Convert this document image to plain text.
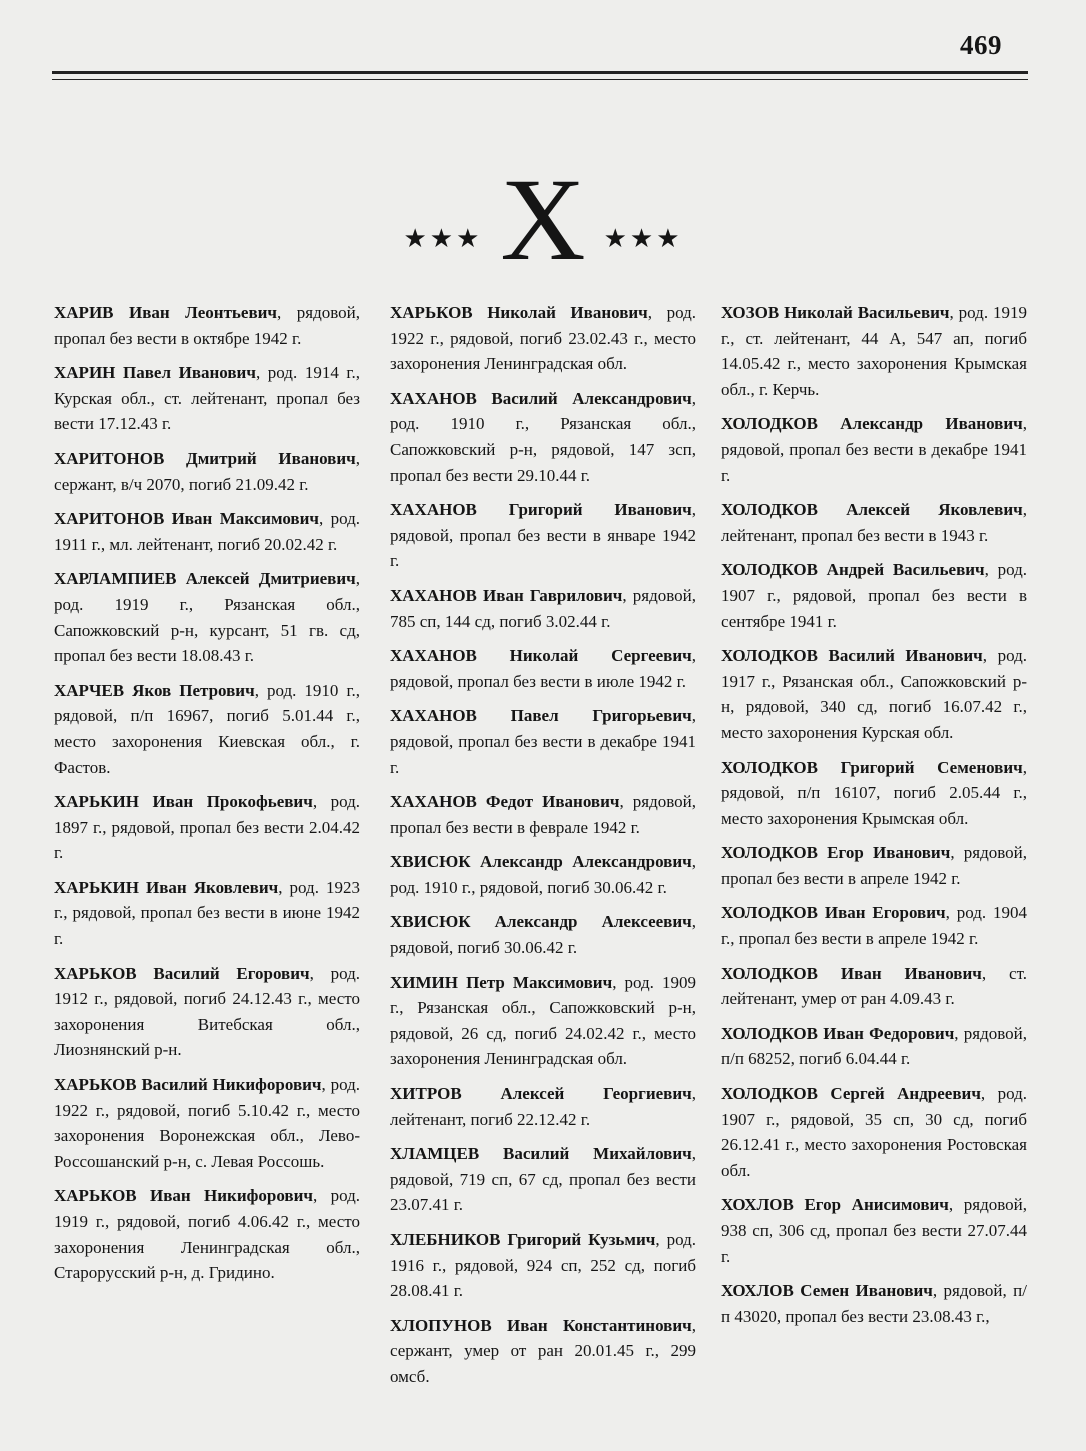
469
★★★ Х ★★★

ХАРИВ Иван Леонтьевич, рядовой, пропал без вести в октябре 1942 г.

ХАРИН Павел Иванович, род. 1914 г., Курская обл., ст. лейтенант, пропал без вести 17.12.43 г.

ХАРИТОНОВ Дмитрий Иванович, сержант, в/ч 2070, погиб 21.09.42 г.

ХАРИТОНОВ Иван Максимович, род. 1911 г., мл. лейтенант, погиб 20.02.42 г.

ХАРЛАМПИЕВ Алексей Дмитриевич, род. 1919 г., Рязанская обл., Сапожковский р-н, курсант, 51 гв. сд, пропал без вести 18.08.43 г.

ХАРЧЕВ Яков Петрович, род. 1910 г., рядовой, п/п 16967, погиб 5.01.44 г., место захоронения Киевская обл., г. Фастов.

ХАРЬКИН Иван Прокофьевич, род. 1897 г., рядовой, пропал без вести 2.04.42 г.

ХАРЬКИН Иван Яковлевич, род. 1923 г., рядовой, пропал без вести в июне 1942 г.

ХАРЬКОВ Василий Егорович, род. 1912 г., рядовой, погиб 24.12.43 г., место захоронения Витебская обл., Лиознянский р-н.

ХАРЬКОВ Василий Никифорович, род. 1922 г., рядовой, погиб 5.10.42 г., место захоронения Воронежская обл., Лево-Россошанский р-н, с. Левая Россошь.

ХАРЬКОВ Иван Никифорович, род. 1919 г., рядовой, погиб 4.06.42 г., место захоронения Ленинградская обл., Старорусский р-н, д. Гридино.

ХАРЬКОВ Николай Иванович, род. 1922 г., рядовой, погиб 23.02.43 г., место захоронения Ленинградская обл.

ХАХАНОВ Василий Александрович, род. 1910 г., Рязанская обл., Сапожковский р-н, рядовой, 147 зсп, пропал без вести 29.10.44 г.

ХАХАНОВ Григорий Иванович, рядовой, пропал без вести в январе 1942 г.

ХАХАНОВ Иван Гаврилович, рядовой, 785 сп, 144 сд, погиб 3.02.44 г.

ХАХАНОВ Николай Сергеевич, рядовой, пропал без вести в июле 1942 г.

ХАХАНОВ Павел Григорьевич, рядовой, пропал без вести в декабре 1941 г.

ХАХАНОВ Федот Иванович, рядовой, пропал без вести в феврале 1942 г.

ХВИСЮК Александр Александрович, род. 1910 г., рядовой, погиб 30.06.42 г.

ХВИСЮК Александр Алексеевич, рядовой, погиб 30.06.42 г.

ХИМИН Петр Максимович, род. 1909 г., Рязанская обл., Сапожковский р-н, рядовой, 26 сд, погиб 24.02.42 г., место захоронения Ленинградская обл.

ХИТРОВ Алексей Георгиевич, лейтенант, погиб 22.12.42 г.

ХЛАМЦЕВ Василий Михайлович, рядовой, 719 сп, 67 сд, пропал без вести 23.07.41 г.

ХЛЕБНИКОВ Григорий Кузьмич, род. 1916 г., рядовой, 924 сп, 252 сд, погиб 28.08.41 г.

ХЛОПУНОВ Иван Константинович, сержант, умер от ран 20.01.45 г., 299 омсб.

ХОЗОВ Николай Васильевич, род. 1919 г., ст. лейтенант, 44 А, 547 ап, погиб 14.05.42 г., место захоронения Крымская обл., г. Керчь.

ХОЛОДКОВ Александр Иванович, рядовой, пропал без вести в декабре 1941 г.

ХОЛОДКОВ Алексей Яковлевич, лейтенант, пропал без вести в 1943 г.

ХОЛОДКОВ Андрей Васильевич, род. 1907 г., рядовой, пропал без вести в сентябре 1941 г.

ХОЛОДКОВ Василий Иванович, род. 1917 г., Рязанская обл., Сапожковский р-н, рядовой, 340 сд, погиб 16.07.42 г., место захоронения Курская обл.

ХОЛОДКОВ Григорий Семенович, рядовой, п/п 16107, погиб 2.05.44 г., место захоронения Крымская обл.

ХОЛОДКОВ Егор Иванович, рядовой, пропал без вести в апреле 1942 г.

ХОЛОДКОВ Иван Егорович, род. 1904 г., пропал без вести в апреле 1942 г.

ХОЛОДКОВ Иван Иванович, ст. лейтенант, умер от ран 4.09.43 г.

ХОЛОДКОВ Иван Федорович, рядовой, п/п 68252, погиб 6.04.44 г.

ХОЛОДКОВ Сергей Андреевич, род. 1907 г., рядовой, 35 сп, 30 сд, погиб 26.12.41 г., место захоронения Ростовская обл.

ХОХЛОВ Егор Анисимович, рядовой, 938 сп, 306 сд, пропал без вести 27.07.44 г.

ХОХЛОВ Семен Иванович, рядовой, п/п 43020, пропал без вести 23.08.43 г.,
